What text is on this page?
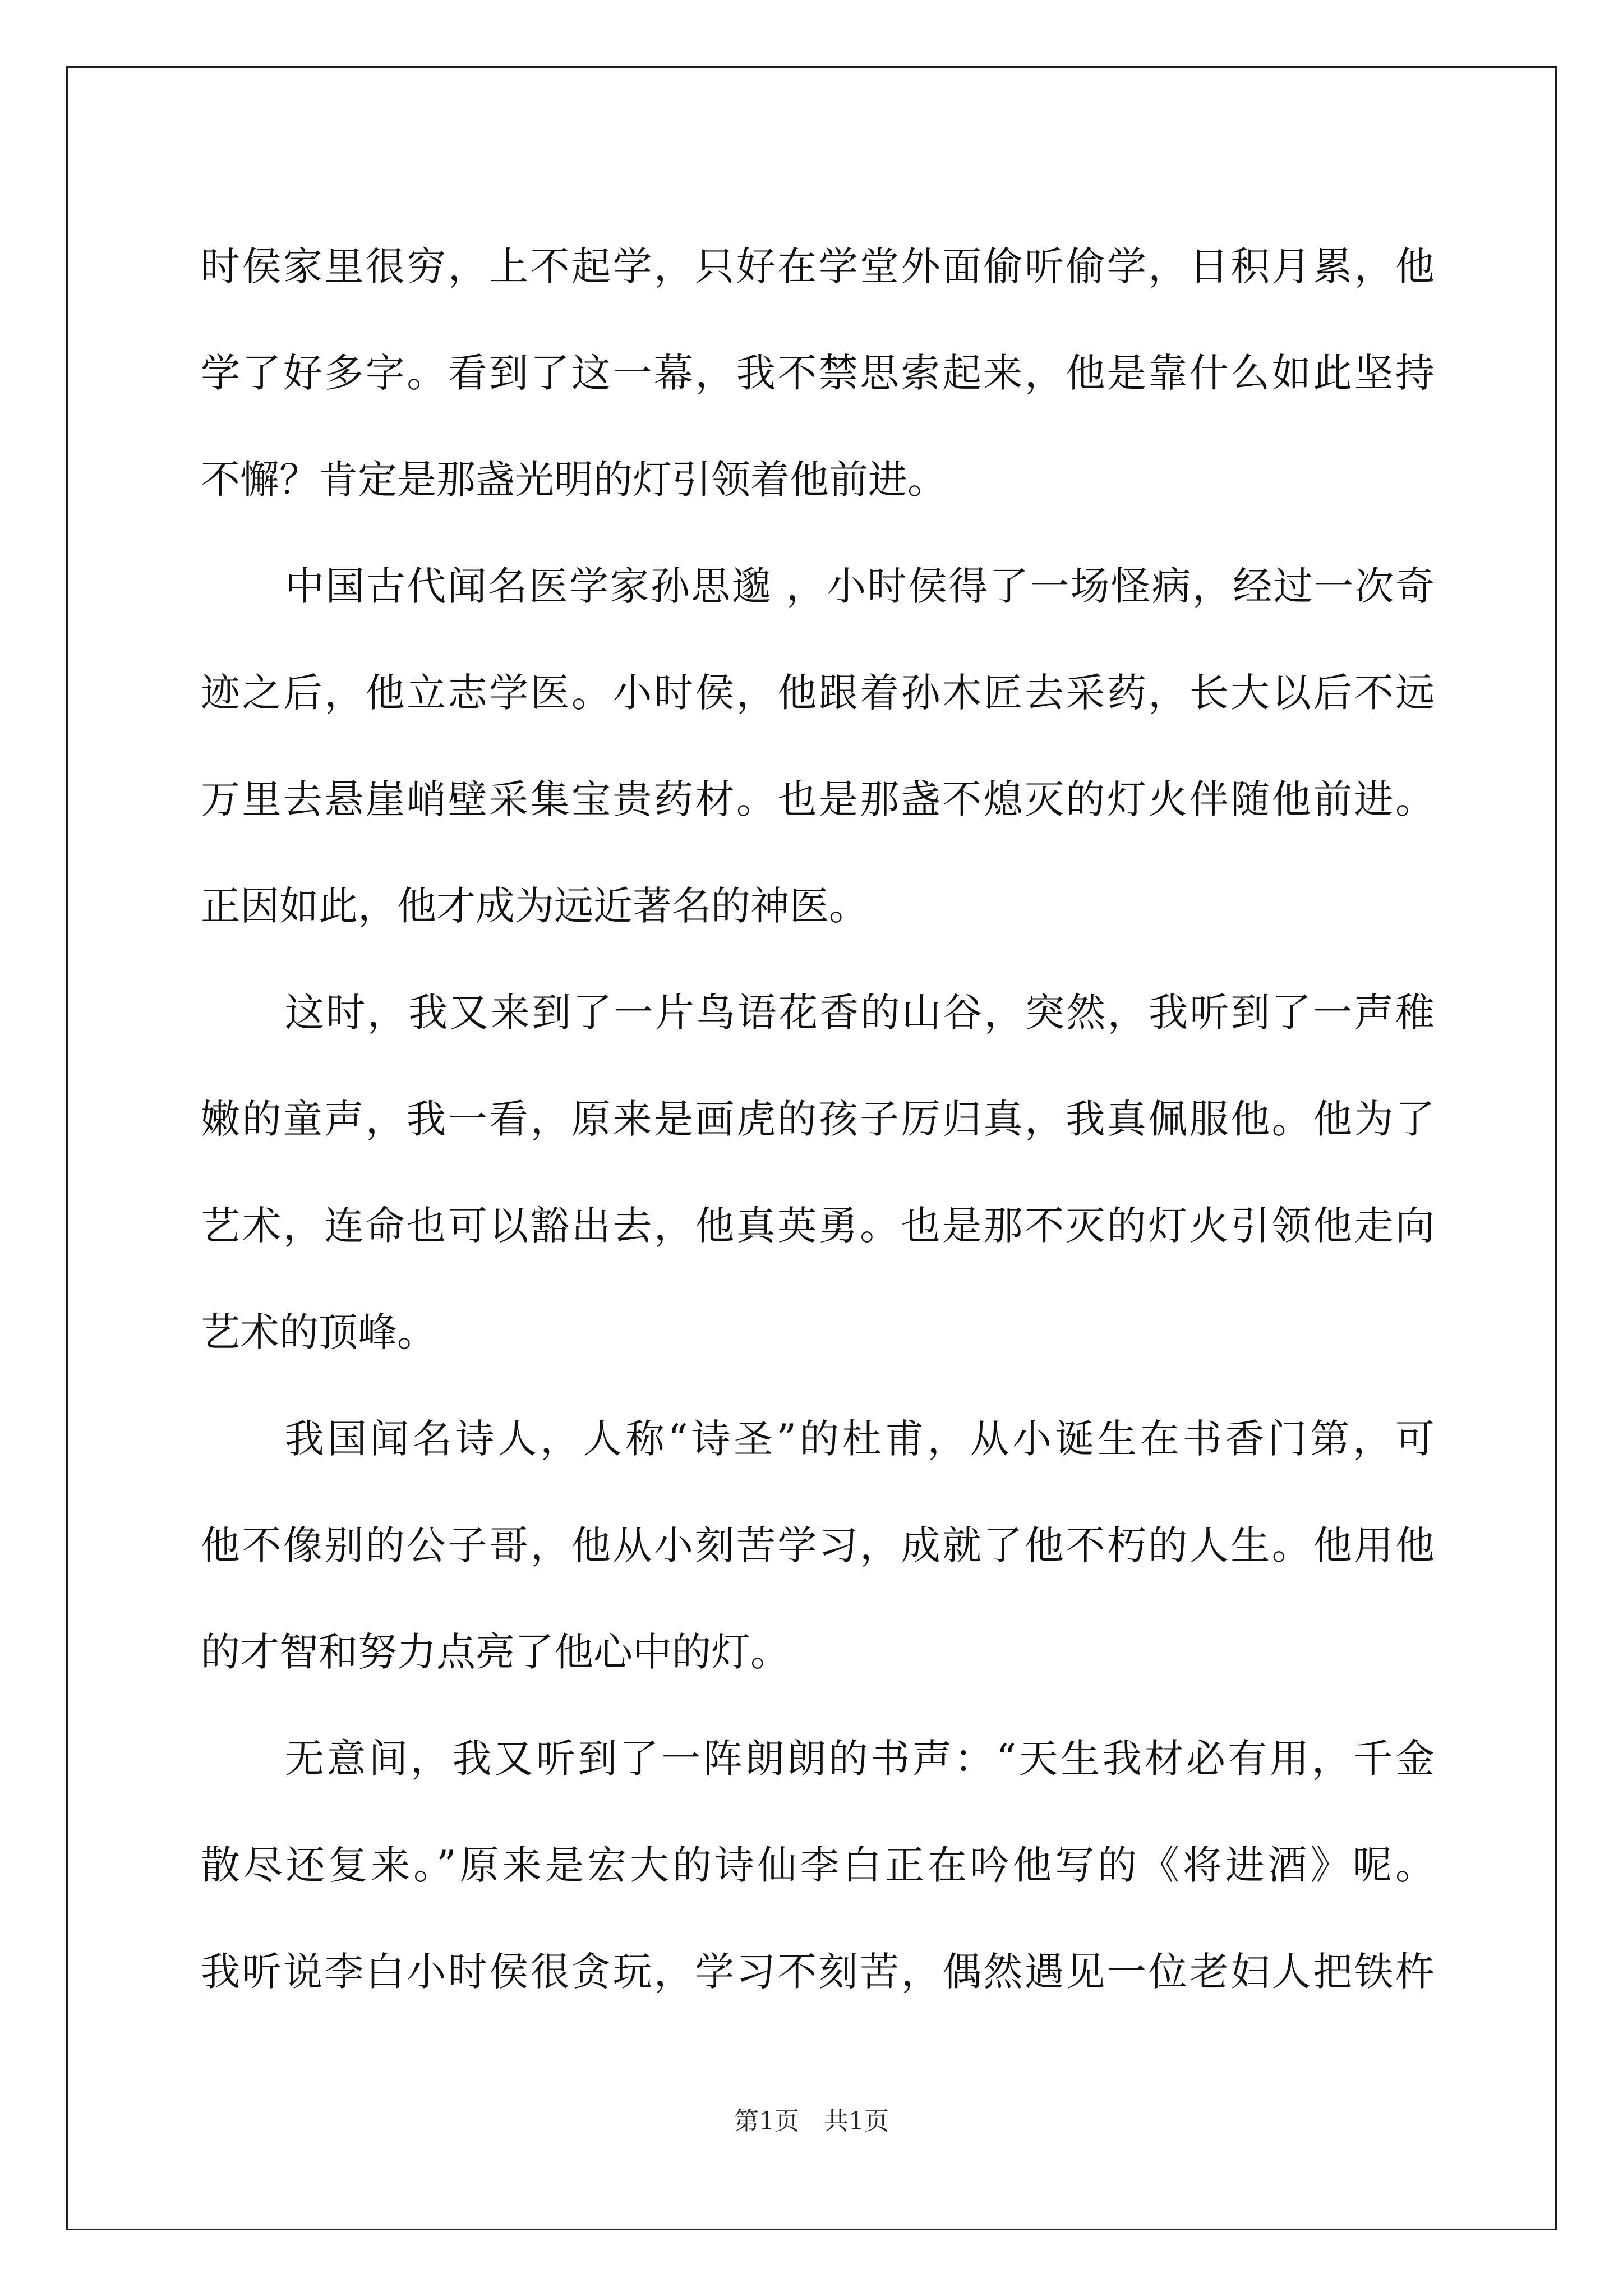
时侯家里很穷，上不起学，只好在学堂外面偷听偷学，日积月累，他
学了好多字。看到了这一幕，我不禁思索起来，他是靠什么如此坚持
不懈？肯定是那盏光明的灯引领着他前进。
中国古代闻名医学家孙思邈 ，小时侯得了一场怪病，经过一次奇
迹之后，他立志学医。小时侯，他跟着孙木匠去采药，长大以后不远
万里去悬崖峭壁采集宝贵药材。也是那盏不熄灭的灯火伴随他前进。
正因如此，他才成为远近著名的神医。
这时，我又来到了一片鸟语花香的山谷，突然，我听到了一声稚
嫩的童声，我一看，原来是画虎的孩子厉归真，我真佩服他。他为了
艺术，连命也可以豁出去，他真英勇。也是那不灭的灯火引领他走向
艺术的顶峰。
我国闻名诗人，人称“诗圣”的杜甫，从小诞生在书香门第，可
他不像别的公子哥，他从小刻苦学习，成就了他不朽的人生。他用他
的才智和努力点亮了他心中的灯。
无意间，我又听到了一阵朗朗的书声：“天生我材必有用，千金
散尽还复来。”原来是宏大的诗仙李白正在吟他写的《将进酒》呢。
我听说李白小时侯很贪玩，学习不刻苦，偶然遇见一位老妇人把铁杵
第1页　共1页
